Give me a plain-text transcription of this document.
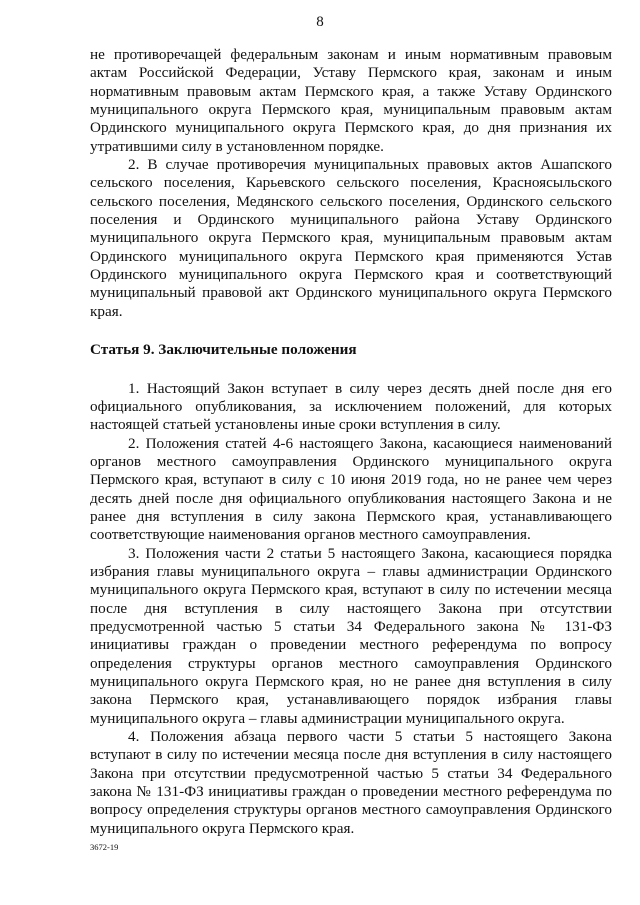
8

не противоречащей федеральным законам и иным нормативным правовым актам Российской Федерации, Уставу Пермского края, законам и иным нормативным правовым актам Пермского края, а также Уставу Ординского муниципального округа Пермского края, муниципальным правовым актам Ординского муниципального округа Пермского края, до дня признания их утратившими силу в установленном порядке.

2. В случае противоречия муниципальных правовых актов Ашапского сельского поселения, Карьевского сельского поселения, Красноясыльского сельского поселения, Медянского сельского поселения, Ординского сельского поселения и Ординского муниципального района Уставу Ординского муниципального округа Пермского края, муниципальным правовым актам Ординского муниципального округа Пермского края применяются Устав Ординского муниципального округа Пермского края и соответствующий муниципальный правовой акт Ординского муниципального округа Пермского края.

Статья 9. Заключительные положения

1. Настоящий Закон вступает в силу через десять дней после дня его официального опубликования, за исключением положений, для которых настоящей статьей установлены иные сроки вступления в силу.

2. Положения статей 4-6 настоящего Закона, касающиеся наименований органов местного самоуправления Ординского муниципального округа Пермского края, вступают в силу с 10 июня 2019 года, но не ранее чем через десять дней после дня официального опубликования настоящего Закона и не ранее дня вступления в силу закона Пермского края, устанавливающего соответствующие наименования органов местного самоуправления.

3. Положения части 2 статьи 5 настоящего Закона, касающиеся порядка избрания главы муниципального округа – главы администрации Ординского муниципального округа Пермского края, вступают в силу по истечении месяца после дня вступления в силу настоящего Закона при отсутствии предусмотренной частью 5 статьи 34 Федерального закона № 131-ФЗ инициативы граждан о проведении местного референдума по вопросу определения структуры органов местного самоуправления Ординского муниципального округа Пермского края, но не ранее дня вступления в силу закона Пермского края, устанавливающего порядок избрания главы муниципального округа – главы администрации муниципального округа.

4. Положения абзаца первого части 5 статьи 5 настоящего Закона вступают в силу по истечении месяца после дня вступления в силу настоящего Закона при отсутствии предусмотренной частью 5 статьи 34 Федерального закона № 131-ФЗ инициативы граждан о проведении местного референдума по вопросу определения структуры органов местного самоуправления Ординского муниципального округа Пермского края.

3672-19
